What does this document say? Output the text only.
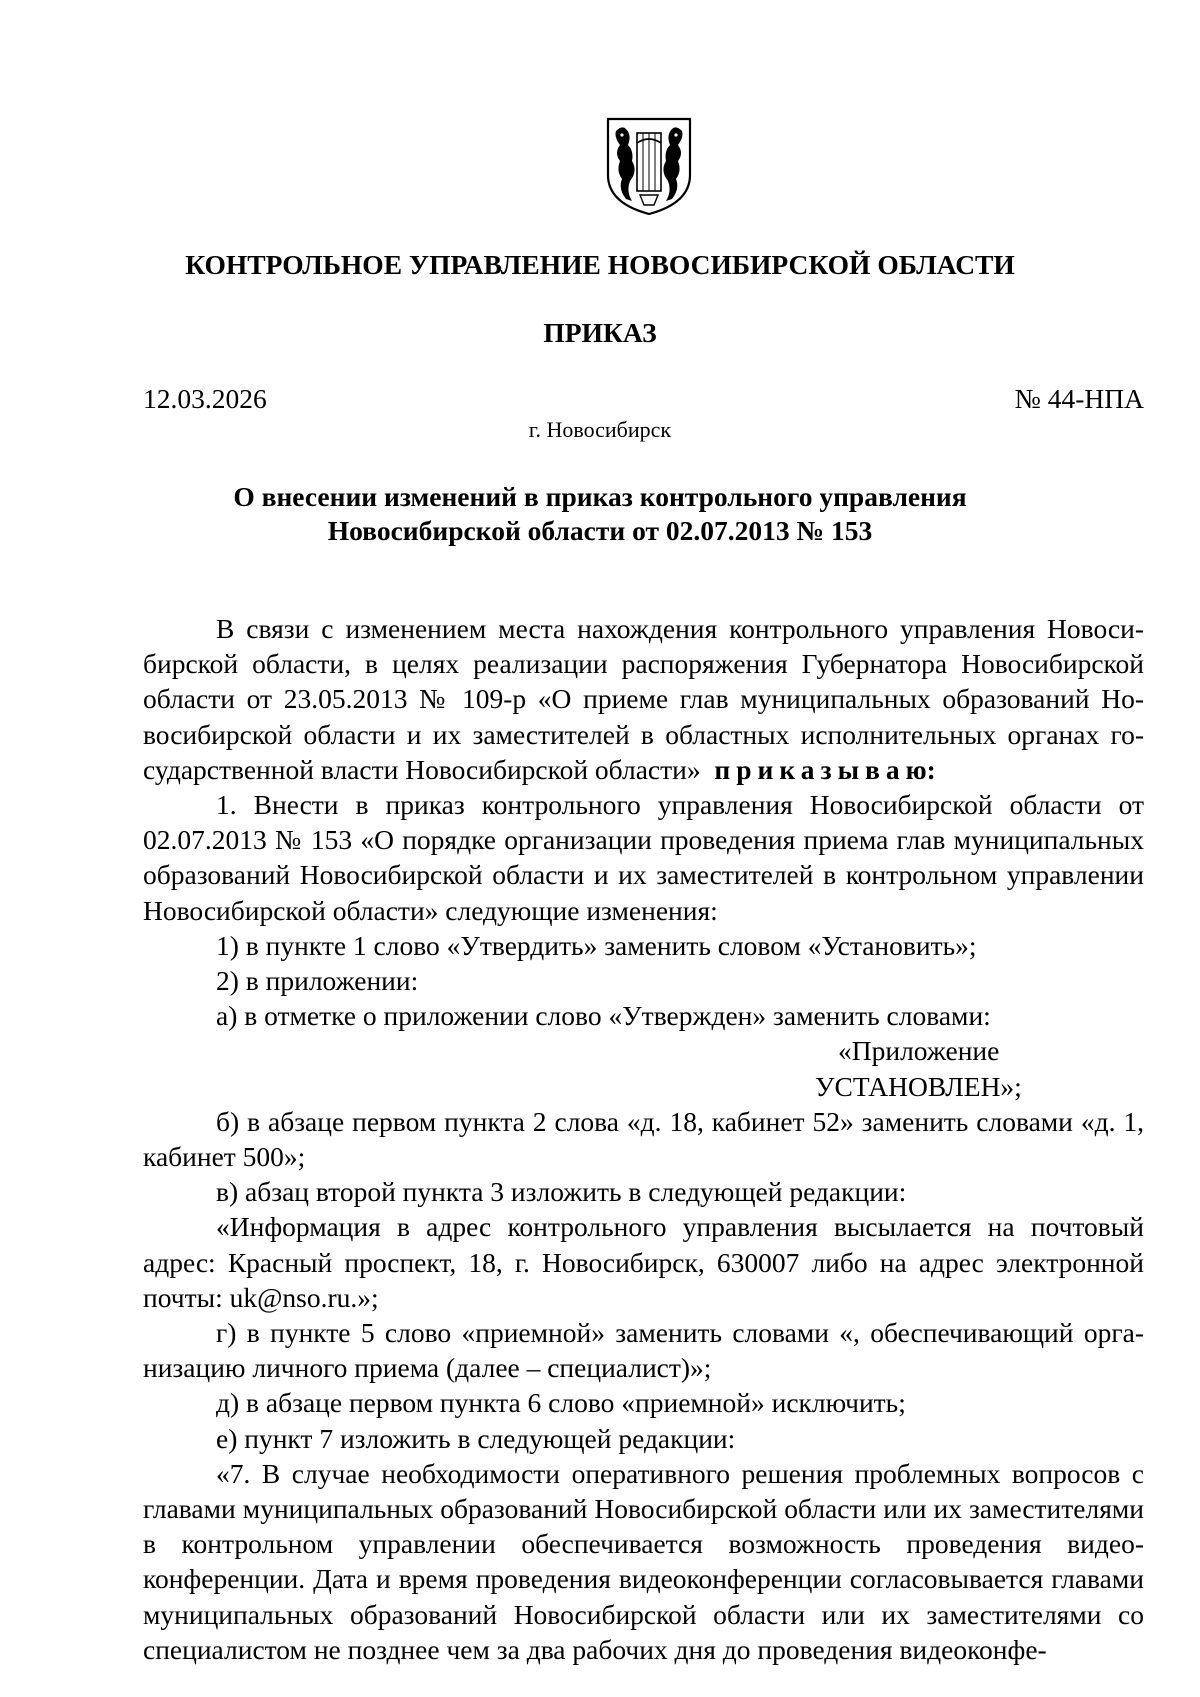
КОНТРОЛЬНОЕ УПРАВЛЕНИЕ НОВОСИБИРСКОЙ ОБЛАСТИ
ПРИКАЗ
12.03.2026	№ 44-НПА
г. Новосибирск
О внесении изменений в приказ контрольного управления
Новосибирской области от 02.07.2013 № 153

В связи с изменением места нахождения контрольного управления Новосибирской области, в целях реализации распоряжения Губернатора Новосибирской области от 23.05.2013 № 109-р «О приеме глав муниципальных образований Новосибирской области и их заместителей в областных исполнительных органах государственной власти Новосибирской области» приказываю:

1. Внести в приказ контрольного управления Новосибирской области от 02.07.2013 № 153 «О порядке организации проведения приема глав муниципальных образований Новосибирской области и их заместителей в контрольном управлении Новосибирской области» следующие изменения:

1) в пункте 1 слово «Утвердить» заменить словом «Установить»;

2) в приложении:

а) в отметке о приложении слово «Утвержден» заменить словами:

«Приложение

УСТАНОВЛЕН»;

б) в абзаце первом пункта 2 слова «д. 18, кабинет 52» заменить словами «д. 1, кабинет 500»;

в) абзац второй пункта 3 изложить в следующей редакции:

«Информация в адрес контрольного управления высылается на почтовый адрес: Красный проспект, 18, г. Новосибирск, 630007 либо на адрес электронной почты: uk@nso.ru.»;

г) в пункте 5 слово «приемной» заменить словами «, обеспечивающий организацию личного приема (далее – специалист)»;

д) в абзаце первом пункта 6 слово «приемной» исключить;

е) пункт 7 изложить в следующей редакции:

«7. В случае необходимости оперативного решения проблемных вопросов с главами муниципальных образований Новосибирской области или их заместителями в контрольном управлении обеспечивается возможность проведения видеоконференции. Дата и время проведения видеоконференции согласовывается главами муниципальных образований Новосибирской области или их заместителями со специалистом не позднее чем за два рабочих дня до проведения видеоконфе-
